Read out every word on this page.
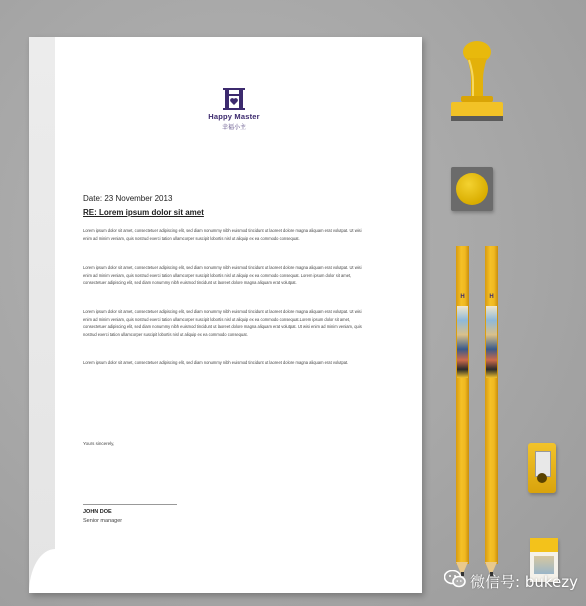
Happy Master
幸福小主
Date: 23 November 2013
RE: Lorem ipsum dolor sit amet
Lorem ipsum dolor sit amet, consectetuer adipiscing elit, sed diam nonummy nibh euismod tincidunt ut laoreet dolore magna aliquam erat volutpat. Ut wisi enim ad minim veniam, quis nostrud exerci tation ullamcorper suscipit lobortis nisl ut aliquip ex ea commodo consequat.
Lorem ipsum dolor sit amet, consectetuer adipiscing elit, sed diam nonummy nibh euismod tincidunt ut laoreet dolore magna aliquam erat volutpat. Ut wisi enim ad minim veniam, quis nostrud exerci tation ullamcorper suscipit lobortis nisl ut aliquip ex ea commodo consequat. Lorem ipsum dolor sit amet, consectetuer adipiscing elit, sed diam nonummy nibh euismod tincidunt ut laoreet dolore magna aliquam erat volutpat.
Lorem ipsum dolor sit amet, consectetuer adipiscing elit, sed diam nonummy nibh euismod tincidunt ut laoreet dolore magna aliquam erat volutpat. Ut wisi enim ad minim veniam, quis nostrud exerci tation ullamcorper suscipit lobortis nisl ut aliquip ex ea commodo consequat.Lorem ipsum dolor sit amet, consectetuer adipiscing elit, sed diam nonummy nibh euismod tincidunt ut laoreet dolore magna aliquam erat volutpat. Ut wisi enim ad minim veniam, quis nostrud exerci tation ullamcorper suscipit lobortis nisl ut aliquip ex ea commodo consequat.
Lorem ipsum dolor sit amet, consectetuer adipiscing elit, sed diam nonummy nibh euismod tincidunt ut laoreet dolore magna aliquam erat volutpat.
Yours sincerely,
JOHN DOE
Senior manager
H	H
微信号: bukezy
